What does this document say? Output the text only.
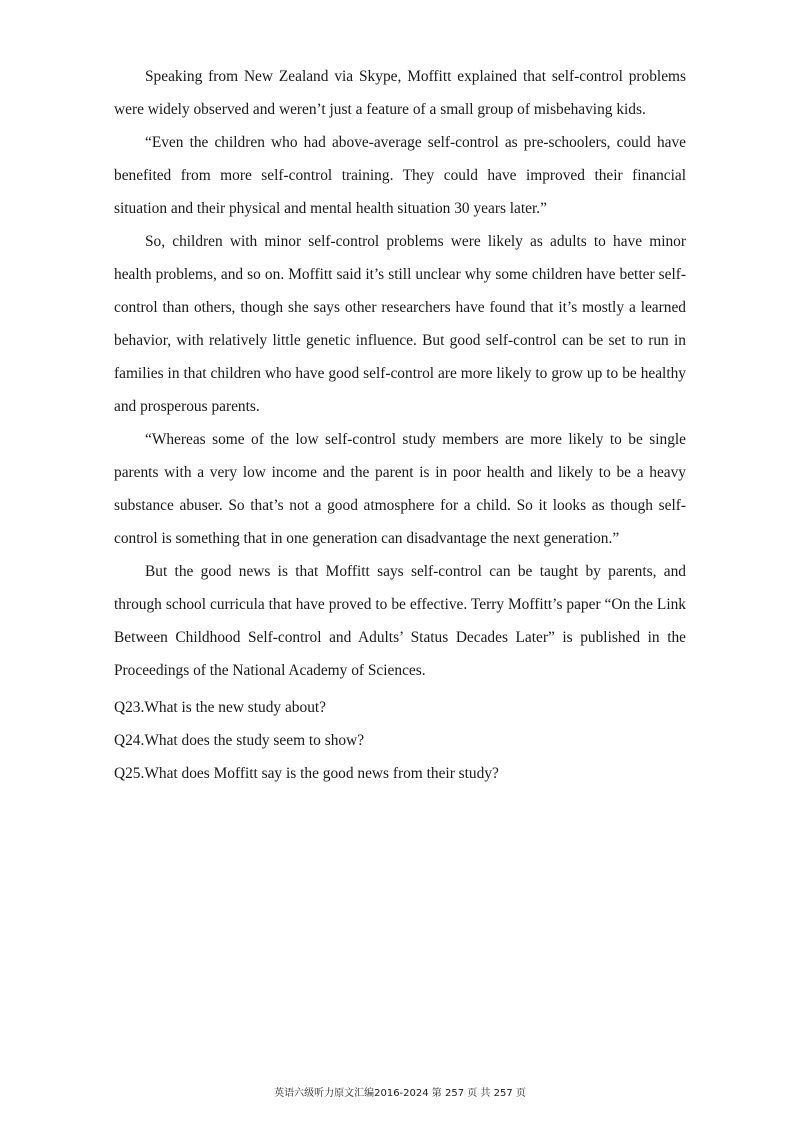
Speaking from New Zealand via Skype, Moffitt explained that self-control problems were widely observed and weren’t just a feature of a small group of misbehaving kids.

“Even the children who had above-average self-control as pre-schoolers, could have benefited from more self-control training. They could have improved their financial situation and their physical and mental health situation 30 years later.”

So, children with minor self-control problems were likely as adults to have minor health problems, and so on. Moffitt said it’s still unclear why some children have better self-control than others, though she says other researchers have found that it’s mostly a learned behavior, with relatively little genetic influence. But good self-control can be set to run in families in that children who have good self-control are more likely to grow up to be healthy and prosperous parents.

“Whereas some of the low self-control study members are more likely to be single parents with a very low income and the parent is in poor health and likely to be a heavy substance abuser. So that’s not a good atmosphere for a child. So it looks as though self-control is something that in one generation can disadvantage the next generation.”

But the good news is that Moffitt says self-control can be taught by parents, and through school curricula that have proved to be effective. Terry Moffitt’s paper “On the Link Between Childhood Self-control and Adults’ Status Decades Later” is published in the Proceedings of the National Academy of Sciences.

Q23.What is the new study about?

Q24.What does the study seem to show?

Q25.What does Moffitt say is the good news from their study?

英语六级听力原文汇编2016-2024 第 257 页 共 257 页
